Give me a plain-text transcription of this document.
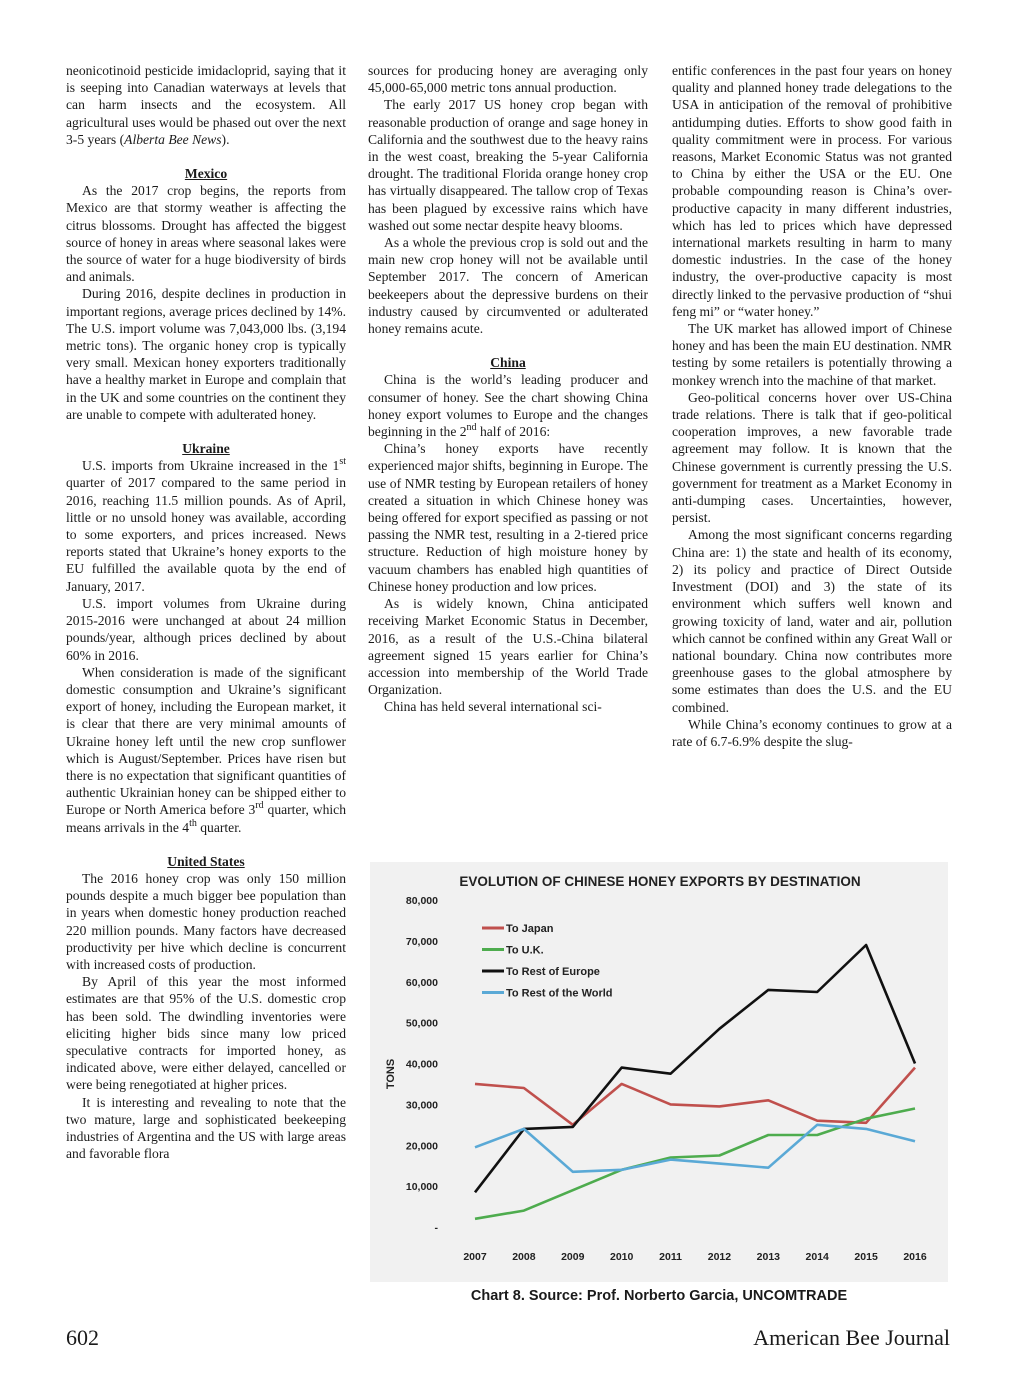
neonicotinoid pesticide imidacloprid, saying that it is seeping into Canadian waterways at levels that can harm insects and the ecosystem. All agricultural uses would be phased out over the next 3-5 years (Alberta Bee News).

Mexico

As the 2017 crop begins, the reports from Mexico are that stormy weather is affecting the citrus blossoms. Drought has affected the biggest source of honey in areas where seasonal lakes were the source of water for a huge biodiversity of birds and animals.

During 2016, despite declines in production in important regions, average prices declined by 14%. The U.S. import volume was 7,043,000 lbs. (3,194 metric tons). The organic honey crop is typically very small. Mexican honey exporters traditionally have a healthy market in Europe and complain that in the UK and some countries on the continent they are unable to compete with adulterated honey.

Ukraine

U.S. imports from Ukraine increased in the 1st quarter of 2017 compared to the same period in 2016, reaching 11.5 million pounds. As of April, little or no unsold honey was available, according to some exporters, and prices increased. News reports stated that Ukraine’s honey exports to the EU fulfilled the available quota by the end of January, 2017.

U.S. import volumes from Ukraine during 2015-2016 were unchanged at about 24 million pounds/year, although prices declined by about 60% in 2016.

When consideration is made of the significant domestic consumption and Ukraine’s significant export of honey, including the European market, it is clear that there are very minimal amounts of Ukraine honey left until the new crop sunflower which is August/September. Prices have risen but there is no expectation that significant quantities of authentic Ukrainian honey can be shipped either to Europe or North America before 3rd quarter, which means arrivals in the 4th quarter.

United States

The 2016 honey crop was only 150 million pounds despite a much bigger bee population than in years when domestic honey production reached 220 million pounds. Many factors have decreased productivity per hive which decline is concurrent with increased costs of production.

By April of this year the most informed estimates are that 95% of the U.S. domestic crop has been sold. The dwindling inventories were eliciting higher bids since many low priced speculative contracts for imported honey, as indicated above, were either delayed, cancelled or were being renegotiated at higher prices.

It is interesting and revealing to note that the two mature, large and sophisticated beekeeping industries of Argentina and the US with large areas and favorable flora

sources for producing honey are averaging only 45,000-65,000 metric tons annual production.

The early 2017 US honey crop began with reasonable production of orange and sage honey in California and the southwest due to the heavy rains in the west coast, breaking the 5-year California drought. The traditional Florida orange honey crop has virtually disappeared. The tallow crop of Texas has been plagued by excessive rains which have washed out some nectar despite heavy blooms.

As a whole the previous crop is sold out and the main new crop honey will not be available until September 2017. The concern of American beekeepers about the depressive burdens on their industry caused by circumvented or adulterated honey remains acute.

China

China is the world’s leading producer and consumer of honey. See the chart showing China honey export volumes to Europe and the changes beginning in the 2nd half of 2016:

China’s honey exports have recently experienced major shifts, beginning in Europe. The use of NMR testing by European retailers of honey created a situation in which Chinese honey was being offered for export specified as passing or not passing the NMR test, resulting in a 2-tiered price structure. Reduction of high moisture honey by vacuum chambers has enabled high quantities of Chinese honey production and low prices.

As is widely known, China anticipated receiving Market Economic Status in December, 2016, as a result of the U.S.-China bilateral agreement signed 15 years earlier for China’s accession into membership of the World Trade Organization.

China has held several international sci-

entific conferences in the past four years on honey quality and planned honey trade delegations to the USA in anticipation of the removal of prohibitive antidumping duties. Efforts to show good faith in quality commitment were in process. For various reasons, Market Economic Status was not granted to China by either the USA or the EU. One probable compounding reason is China’s over-productive capacity in many different industries, which has led to prices which have depressed international markets resulting in harm to many domestic industries. In the case of the honey industry, the over-productive capacity is most directly linked to the pervasive production of “shui feng mi” or “water honey.”

The UK market has allowed import of Chinese honey and has been the main EU destination. NMR testing by some retailers is potentially throwing a monkey wrench into the machine of that market.

Geo-political concerns hover over US-China trade relations. There is talk that if geo-political cooperation improves, a new favorable trade agreement may follow. It is known that the Chinese government is currently pressing the U.S. government for treatment as a Market Economy in anti-dumping cases. Uncertainties, however, persist.

Among the most significant concerns regarding China are: 1) the state and health of its economy, 2) its policy and practice of Direct Outside Investment (DOI) and 3) the state of its environment which suffers well known and growing toxicity of land, water and air, pollution which cannot be confined within any Great Wall or national boundary. China now contributes more greenhouse gases to the global atmosphere by some estimates than does the U.S. and the EU combined.

While China’s economy continues to grow at a rate of 6.7-6.9% despite the slug-

EVOLUTION OF CHINESE HONEY EXPORTS BY DESTINATION
TONS
-
10,000
20,000
30,000
40,000
50,000
60,000
70,000
80,000
2007 2008 2009 2010 2011 2012 2013 2014 2015 2016
To Japan
To U.K.
To Rest of Europe
To Rest of the World
Chart 8. Source: Prof. Norberto Garcia, UNCOMTRADE
602	American Bee Journal
